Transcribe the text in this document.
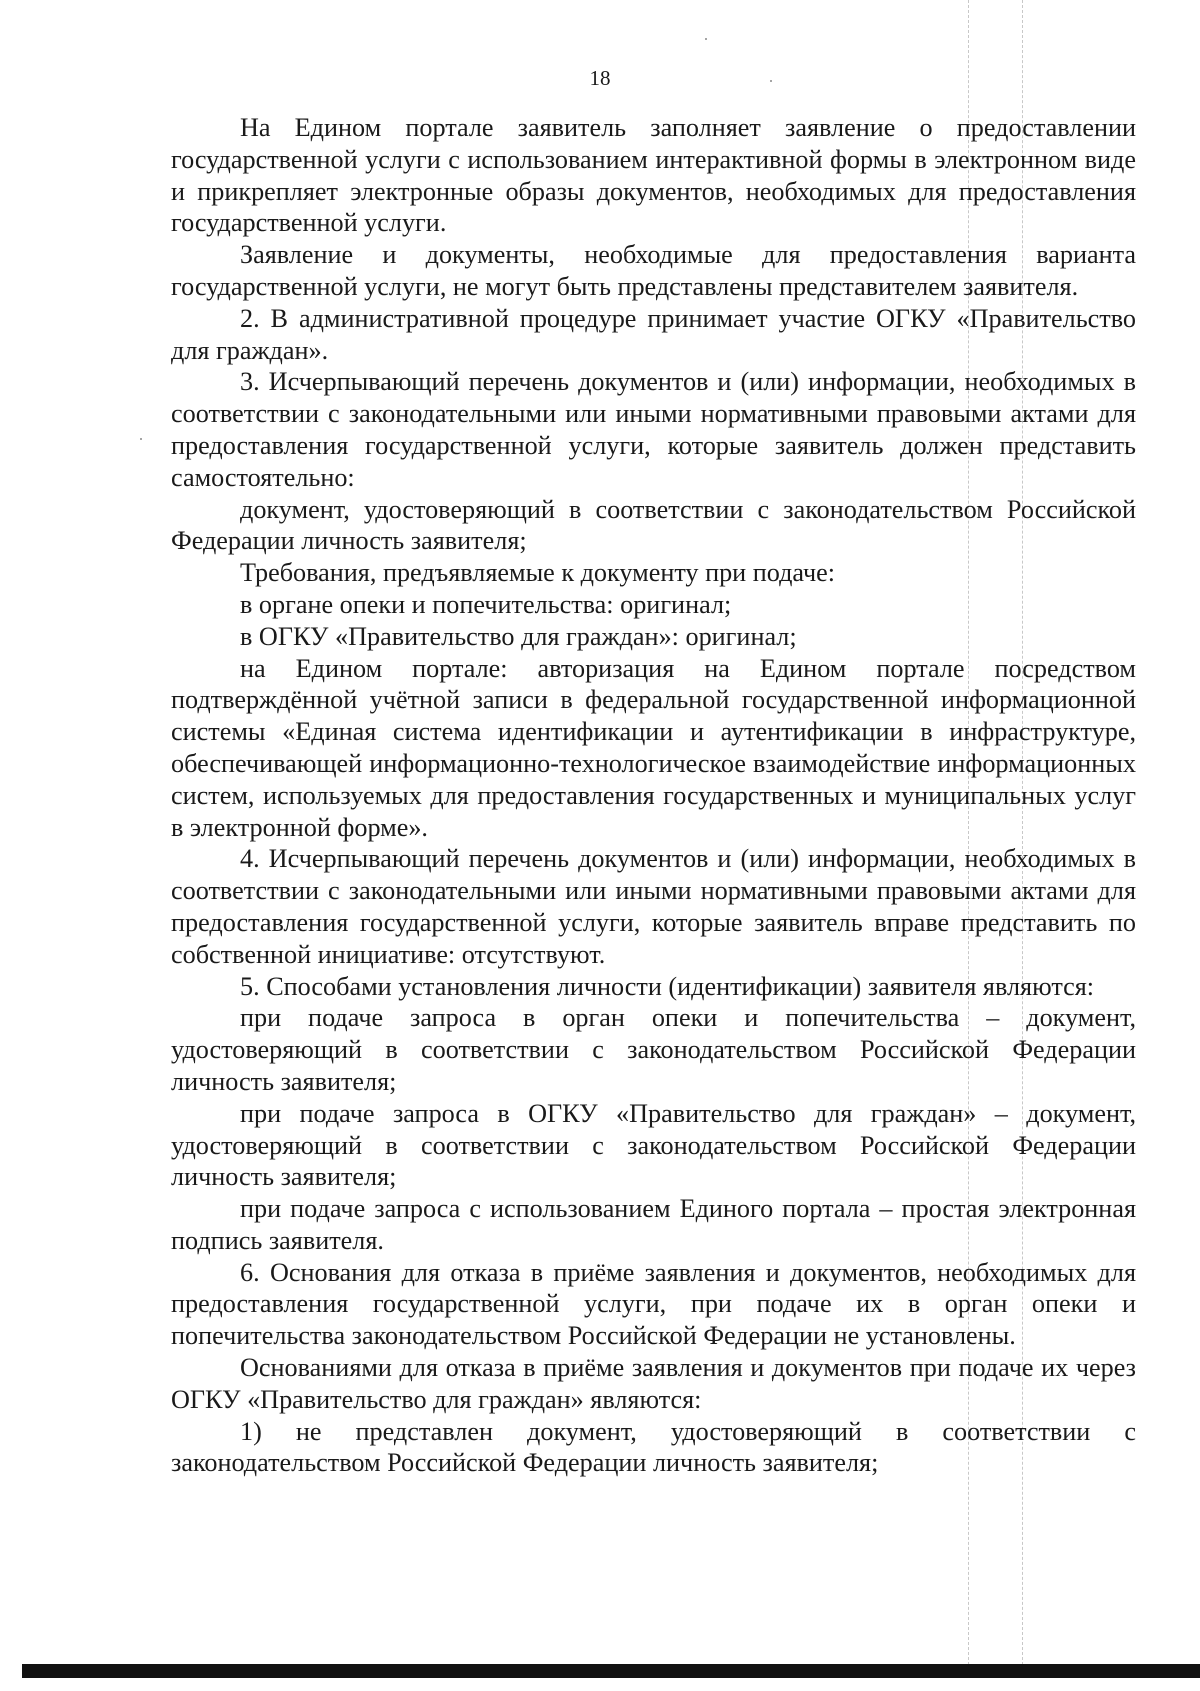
18

На Едином портале заявитель заполняет заявление о предоставлении государственной услуги с использованием интерактивной формы в электронном виде и прикрепляет электронные образы документов, необходимых для предоставления государственной услуги.

Заявление и документы, необходимые для предоставления варианта государственной услуги, не могут быть представлены представителем заявителя.

2. В административной процедуре принимает участие ОГКУ «Правительство для граждан».

3. Исчерпывающий перечень документов и (или) информации, необходимых в соответствии с законодательными или иными нормативными правовыми актами для предоставления государственной услуги, которые заявитель должен представить самостоятельно:

документ, удостоверяющий в соответствии с законодательством Российской Федерации личность заявителя;

Требования, предъявляемые к документу при подаче:

в органе опеки и попечительства: оригинал;

в ОГКУ «Правительство для граждан»: оригинал;

на Едином портале: авторизация на Едином портале посредством подтверждённой учётной записи в федеральной государственной информационной системы «Единая система идентификации и аутентификации в инфраструктуре, обеспечивающей информационно-технологическое взаимодействие информационных систем, используемых для предоставления государственных и муниципальных услуг в электронной форме».

4. Исчерпывающий перечень документов и (или) информации, необходимых в соответствии с законодательными или иными нормативными правовыми актами для предоставления государственной услуги, которые заявитель вправе представить по собственной инициативе: отсутствуют.

5. Способами установления личности (идентификации) заявителя являются:

при подаче запроса в орган опеки и попечительства – документ, удостоверяющий в соответствии с законодательством Российской Федерации личность заявителя;

при подаче запроса в ОГКУ «Правительство для граждан» – документ, удостоверяющий в соответствии с законодательством Российской Федерации личность заявителя;

при подаче запроса с использованием Единого портала – простая электронная подпись заявителя.

6. Основания для отказа в приёме заявления и документов, необходимых для предоставления государственной услуги, при подаче их в орган опеки и попечительства законодательством Российской Федерации не установлены.

Основаниями для отказа в приёме заявления и документов при подаче их через ОГКУ «Правительство для граждан» являются:

1) не представлен документ, удостоверяющий в соответствии с законодательством Российской Федерации личность заявителя;
